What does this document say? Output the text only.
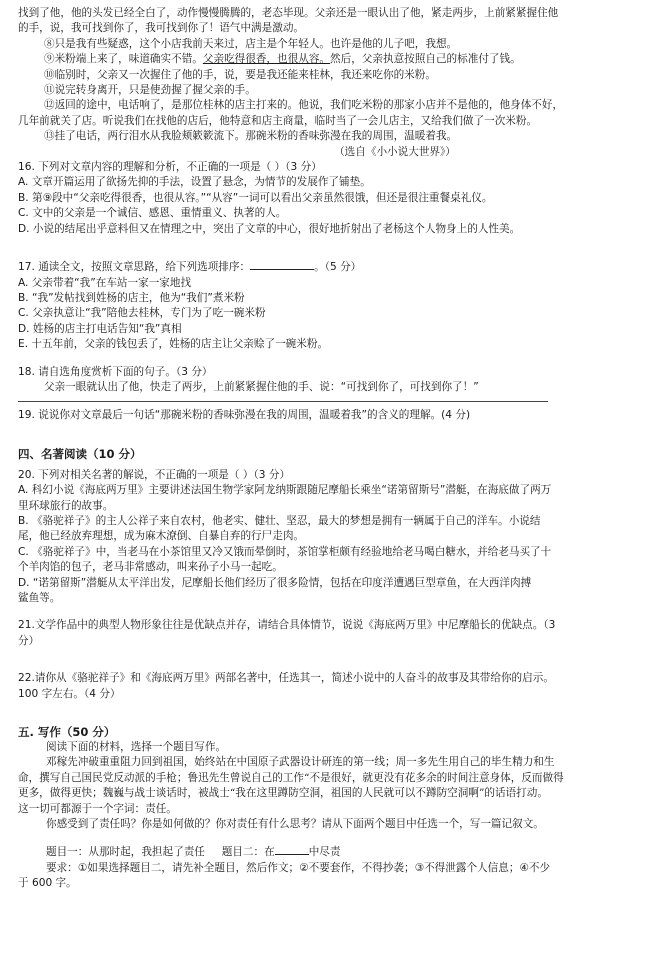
找到了他，他的头发已经全白了，动作慢慢腾腾的，老态毕现。父亲还是一眼认出了他，紧走两步，上前紧紧握住他
的手，说，我可找到你了，我可找到你了！语气中满是激动。
⑧只是我有些疑惑，这个小店我前天来过，店主是个年轻人。也许是他的儿子吧，我想。
⑨米粉端上来了，味道确实不错。父亲吃得很香，也很从容。然后，父亲执意按照自己的标准付了钱。
⑩临别时，父亲又一次握住了他的手，说，要是我还能来桂林，我还来吃你的米粉。
⑪说完转身离开，只是使劲握了握父亲的手。
⑫返回的途中，电话响了，是那位桂林的店主打来的。他说，我们吃米粉的那家小店并不是他的，他身体不好，
几年前就关了店。听说我们在找他的店后，他特意和店主商量，临时当了一会儿店主，又给我们做了一次米粉。
⑬挂了电话，两行泪水从我脸颊簌簌流下。那碗米粉的香味弥漫在我的周围，温暖着我。
（选自《小小说大世界》）
16. 下列对文章内容的理解和分析，不正确的一项是（ ）（3 分）
A. 文章开篇运用了欲扬先抑的手法，设置了悬念，为情节的发展作了铺垫。
B. 第⑨段中“父亲吃得很香，也很从容。”“从容”一词可以看出父亲虽然很饿，但还是很注重餐桌礼仪。
C. 文中的父亲是一个诚信、感恩、重情重义、执著的人。
D. 小说的结尾出乎意料但又在情理之中，突出了文章的中心，很好地折射出了老杨这个人物身上的人性美。
17. 通读全文，按照文章思路，给下列选项排序：	。（5 分）
A. 父亲带着“我”在车站一家一家地找
B. “我”发帖找到姓杨的店主，他为“我们”煮米粉
C. 父亲执意让“我”陪他去桂林，专门为了吃一碗米粉
D. 姓杨的店主打电话告知“我”真相
E. 十五年前，父亲的钱包丢了，姓杨的店主让父亲赊了一碗米粉。
18. 请自选角度赏析下面的句子。（3 分）
父亲一眼就认出了他，快走了两步，上前紧紧握住他的手、说：“可找到你了，可找到你了！”
19. 说说你对文章最后一句话“那碗米粉的香味弥漫在我的周围，温暖着我”的含义的理解。(4 分)
四、名著阅读（10 分）
20. 下列对相关名著的解说，不正确的一项是（ ）（3 分）
A. 科幻小说《海底两万里》主要讲述法国生物学家阿龙纳斯跟随尼摩船长乘坐“诺第留斯号”潜艇，在海底做了两万
里环球旅行的故事。
B. 《骆驼祥子》的主人公祥子来自农村，他老实、健壮、坚忍，最大的梦想是拥有一辆属于自己的洋车。小说结
尾，他已经放弃理想，成为麻木潦倒、自暴自弃的行尸走肉。
C. 《骆驼祥子》中，当老马在小茶馆里又冷又饿而晕倒时，茶馆掌柜颇有经验地给老马喝白糖水，并给老马买了十
个羊肉馅的包子，老马非常感动，叫来孙子小马一起吃。
D. “诺第留斯”潜艇从太平洋出发，尼摩船长他们经历了很多险情，包括在印度洋遭遇巨型章鱼，在大西洋肉搏
鲨鱼等。
21.文学作品中的典型人物形象往往是优缺点并存，请结合具体情节，说说《海底两万里》中尼摩船长的优缺点。（3
分）
22.请你从《骆驼祥子》和《海底两万里》两部名著中，任选其一，简述小说中的人奋斗的故事及其带给你的启示。
100 字左右。（4 分）
五. 写作（50 分）
阅读下面的材料，选择一个题目写作。
邓稼先冲破重重阻力回到祖国，始终站在中国原子武器设计研连的第一线；周一多先生用自己的毕生精力和生
命，撰写自己国民党反动派的手枪；鲁迅先生曾说自己的工作“不是很好，就更没有花多余的时间注意身体，反而做得
更多，做得更快；魏巍与战士谈话时，被战士“我在这里蹲防空洞，祖国的人民就可以不蹲防空洞啊”的话语打动。
这一切可都源于一个字词：责任。
你感受到了责任吗？你是如何做的？你对责任有什么思考？请从下面两个题目中任选一个，写一篇记叙文。
题目一：从那时起，我担起了责任 题目二：在	中尽责
要求：①如果选择题目二，请先补全题目，然后作文；②不要套作，不得抄袭；③不得泄露个人信息；④不少
于 600 字。
